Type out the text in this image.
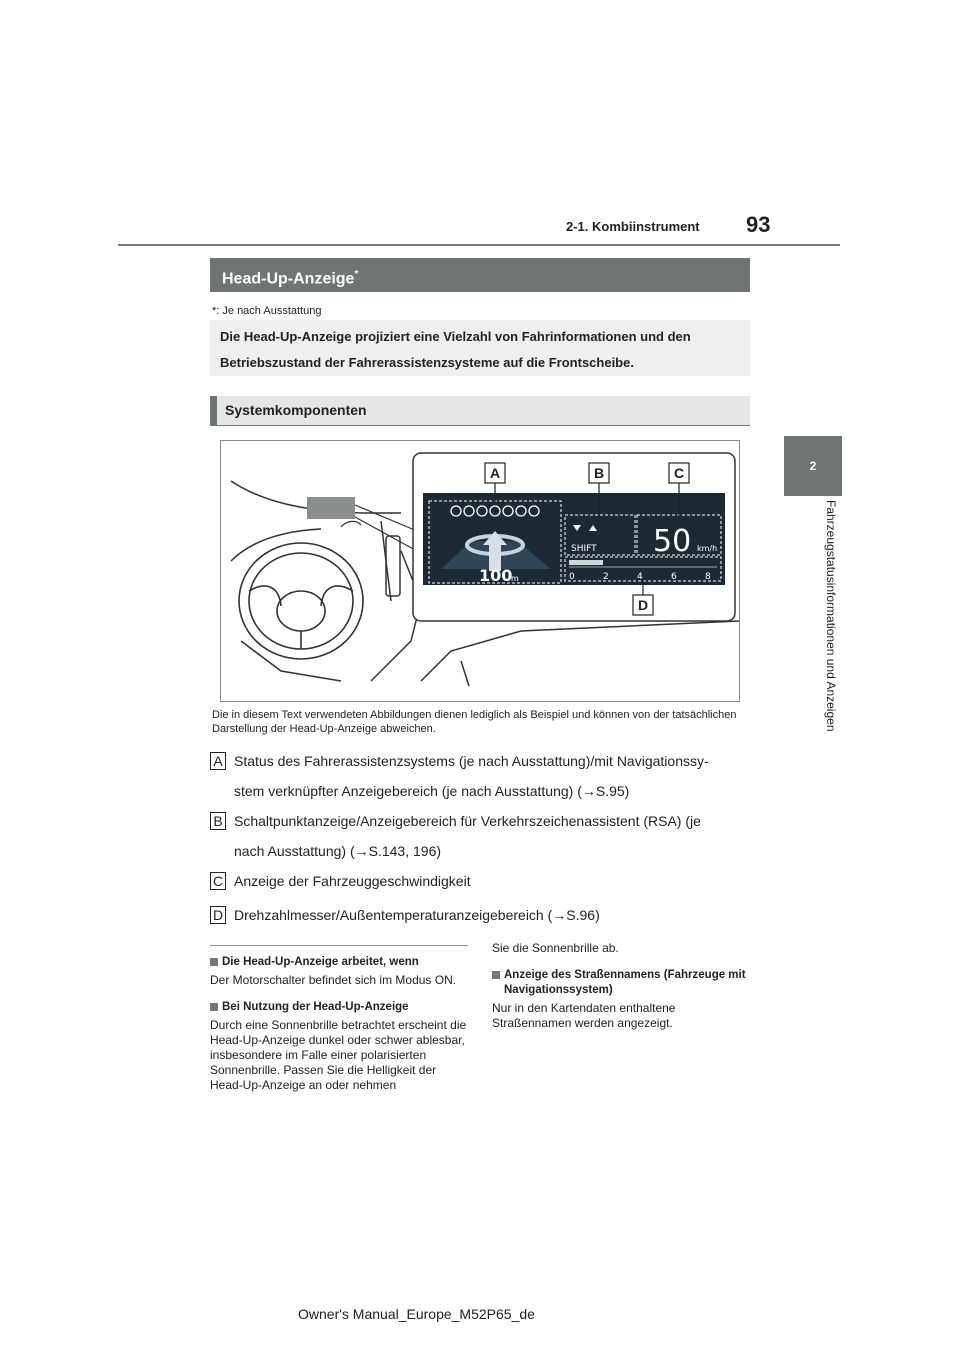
2-1. Kombiinstrument 93
2
Fahrzeugstatusinformationen und Anzeigen
Head-Up-Anzeige*
*: Je nach Ausstattung
Die Head-Up-Anzeige projiziert eine Vielzahl von Fahrinformationen und den Betriebszustand der Fahrerassistenzsysteme auf die Frontscheibe.
Systemkomponenten
100
m
SHIFT 50 km/h
0	2	4	6	8
A	B	C
D
Die in diesem Text verwendeten Abbildungen dienen lediglich als Beispiel und können von der tatsächlichen Darstellung der Head-Up-Anzeige abweichen.
A Status des Fahrerassistenzsystems (je nach Ausstattung)/mit Navigationssy-
stem verknüpfter Anzeigebereich (je nach Ausstattung) (→S.95)
B Schaltpunktanzeige/Anzeigebereich für Verkehrszeichenassistent (RSA) (je
nach Ausstattung) (→S.143, 196)
C Anzeige der Fahrzeuggeschwindigkeit
D Drehzahlmesser/Außentemperaturanzeigebereich (→S.96)
Die Head-Up-Anzeige arbeitet, wenn
Der Motorschalter befindet sich im Modus ON.
Bei Nutzung der Head-Up-Anzeige
Durch eine Sonnenbrille betrachtet erscheint die Head-Up-Anzeige dunkel oder schwer ablesbar, insbesondere im Falle einer polarisierten Sonnenbrille. Passen Sie die Helligkeit der Head-Up-Anzeige an oder nehmen
Sie die Sonnenbrille ab.
Anzeige des Straßennamens (Fahrzeuge mit Navigationssystem)
Nur in den Kartendaten enthaltene Straßennamen werden angezeigt.
Owner's Manual_Europe_M52P65_de
